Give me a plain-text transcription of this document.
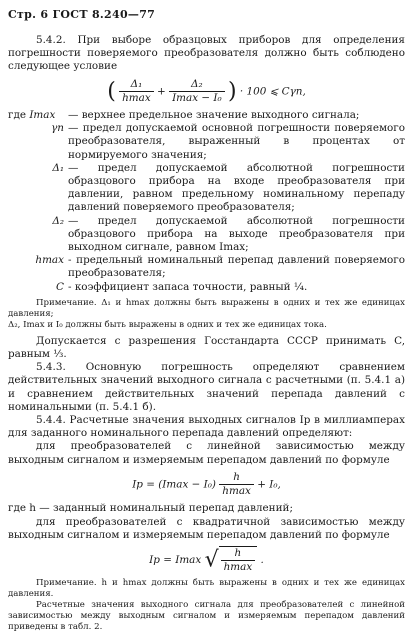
Стр. 6 ГОСТ 8.240—77

5.4.2. При выборе образцовых приборов для определения погрешности поверяемого преобразователя должно быть соблюдено следующее условие

( $\frac{\text{Δ₁}}{hmax} + \frac{\text{Δ₂}}{\text{Imax − I₀}}$ ) · 100 ⩽ Cγп,
где Imax	— верхнее предельное значение выходного сигнала;
γп — предел допускаемой основной погрешности поверяемого преобразователя, выраженный в процентах от нормируемого значения;
Δ₁ — предел допускаемой абсолютной погрешности образцового прибора на входе преобразователя при давлении, равном предельному номинальному перепаду давлений поверяемого преобразователя;
Δ₂ — предел допускаемой абсолютной погрешности образцового прибора на выходе преобразователя при выходном сигнале, равном Imax;
hmax - предельный номинальный перепад давлений поверяемого преобразователя;
C - коэффициент запаса точности, равный ¼.

Примечание. Δ₁ и hmax должны быть выражены в одних и тех же единицах давления;

Δ₂, Imax и I₀ должны быть выражены в одних и тех же единицах тока.

Допускается с разрешения Госстандарта СССР принимать C, равным ⅓.

5.4.3. Основную погрешность определяют сравнением действительных значений выходного сигнала с расчетными (п. 5.4.1 а) и сравнением действительных значений перепада давлений с номинальными (п. 5.4.1 б).

5.4.4. Расчетные значения выходных сигналов Iр в миллиамперах для заданного номинального перепада давлений определяют:

для преобразователей с линейной зависимостью между выходным сигналом и измеряемым перепадом давлений по формуле

Iр = $(Imax - I_0) \frac{h}{hmax} + I_0$,

где h — заданный номинальный перепад давлений;

для преобразователей с квадратичной зависимостью между выходным сигналом и измеряемым перепадом давлений по формуле

Iр = Imax √ $\frac{h}{hmax}$ .

Примечание. h и hmax должны быть выражены в одних и тех же единицах давления.

Расчетные значения выходного сигнала для преобразователей с линейной зависимостью между выходным сигналом и измеряемым перепадом давлений приведены в табл. 2.
